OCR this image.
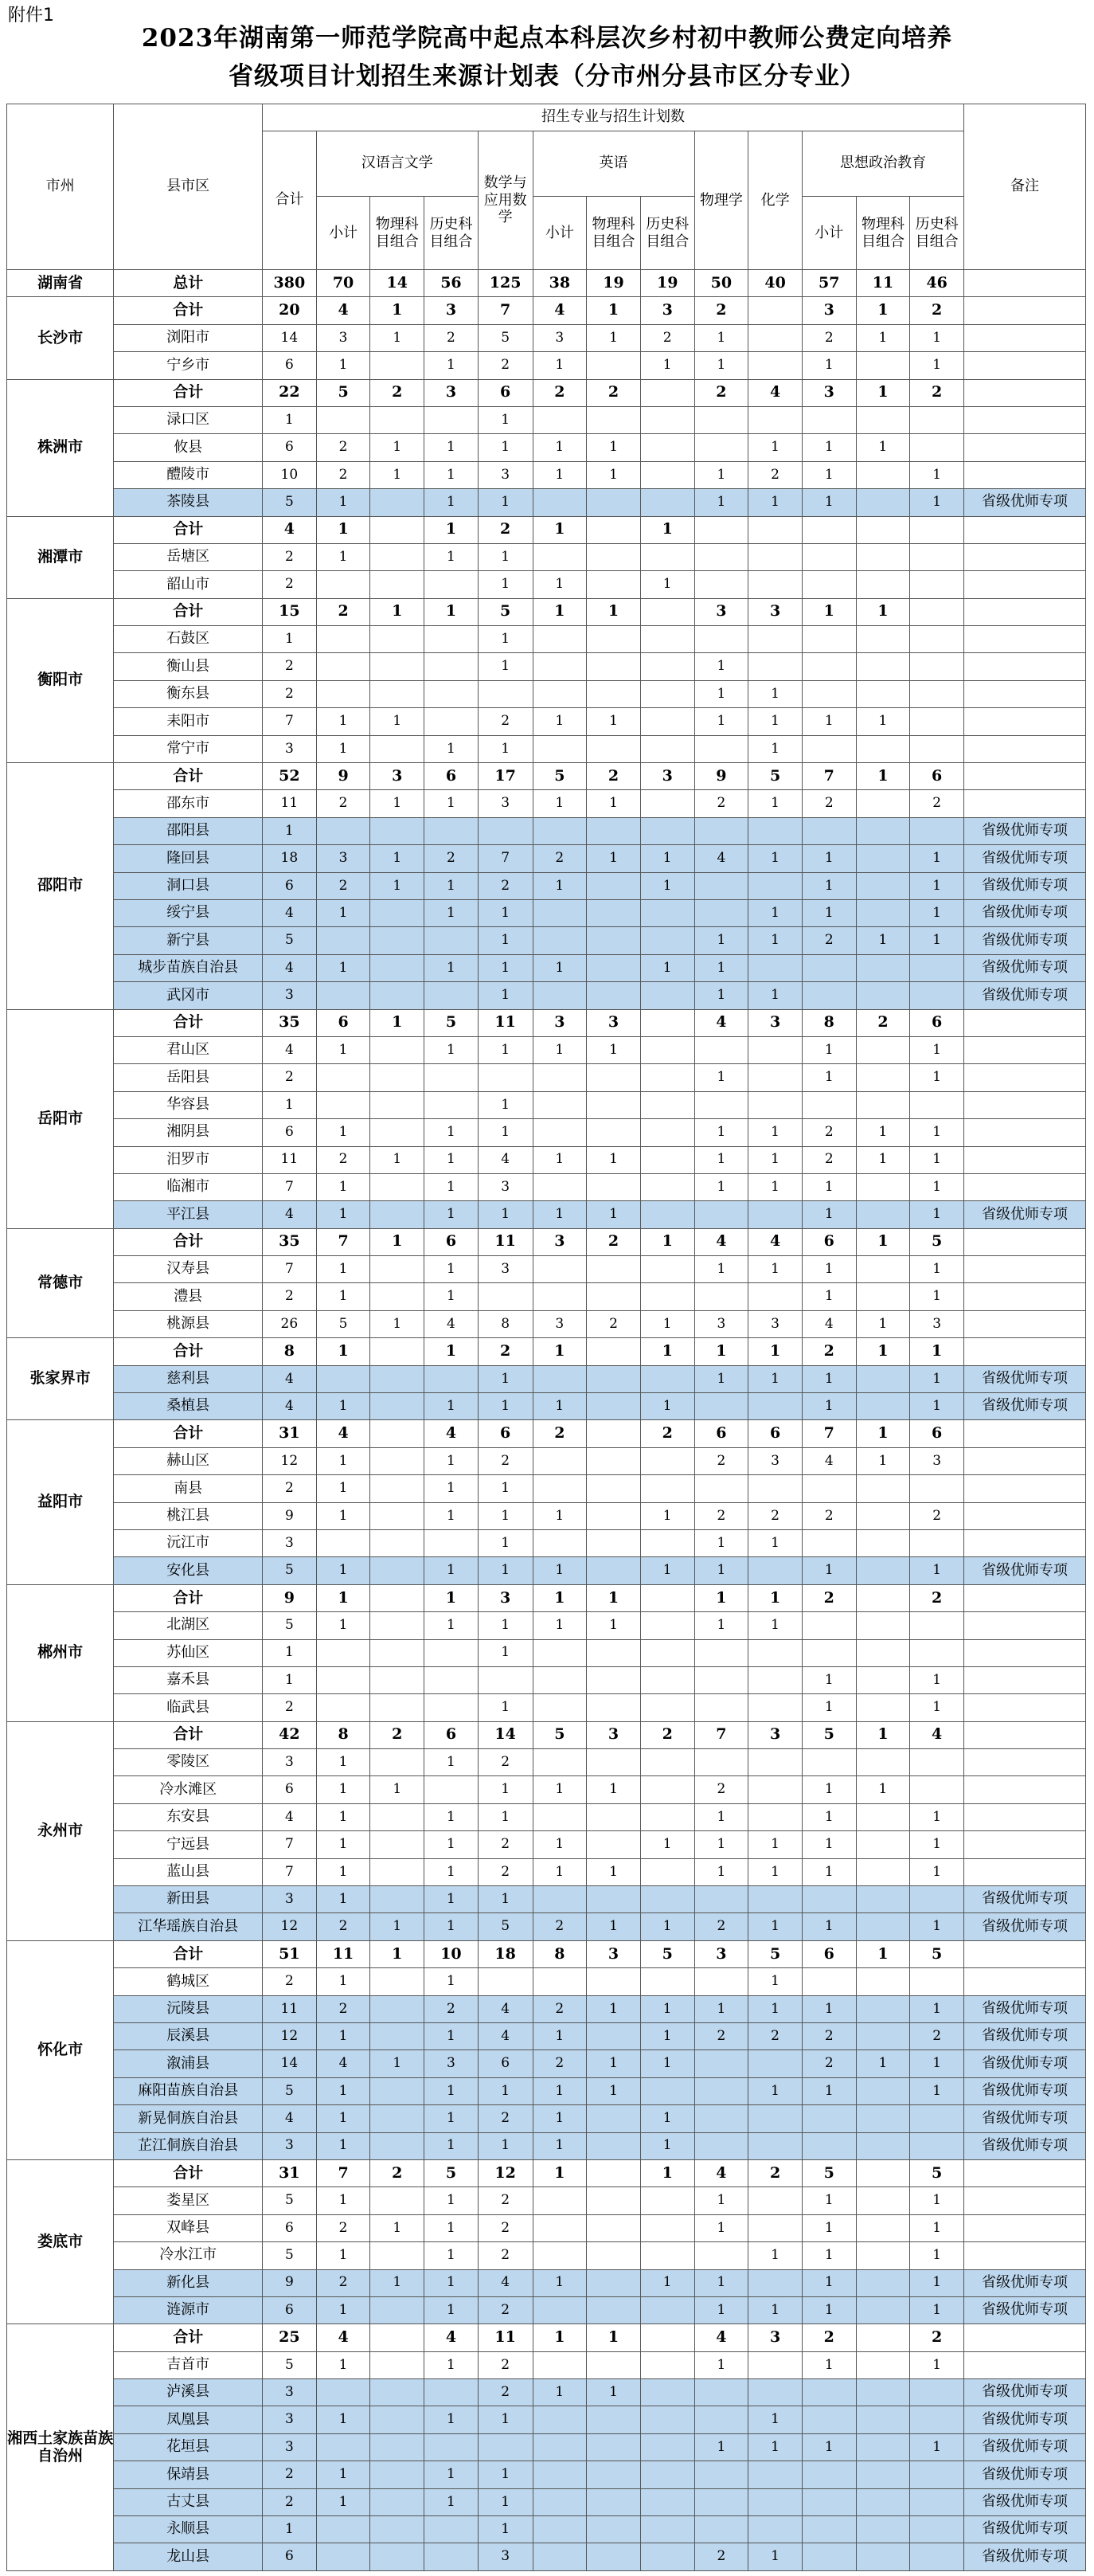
附件1
2023年湖南第一师范学院高中起点本科层次乡村初中教师公费定向培养
省级项目计划招生来源计划表（分市州分县市区分专业）
市州	县市区	招生专业与招生计划数													备注
		合计	汉语言文学			数学与应用数学	英语			物理学	化学	思想政治教育			
			小计	物理科目组合	历史科目组合		小计	物理科目组合	历史科目组合			小计	物理科目组合	历史科目组合	
湖南省	总计	380	70	14	56	125	38	19	19	50	40	57	11	46	
长沙市	合计	20	4	1	3	7	4	1	3	2		3	1	2	
	浏阳市	14	3	1	2	5	3	1	2	1		2	1	1	
	宁乡市	6	1		1	2	1		1	1		1		1	
株洲市	合计	22	5	2	3	6	2	2		2	4	3	1	2	
	渌口区	1				1									
	攸县	6	2	1	1	1	1	1			1	1	1		
	醴陵市	10	2	1	1	3	1	1		1	2	1		1	
	茶陵县	5	1		1	1				1	1	1		1	省级优师专项
湘潭市	合计	4	1		1	2	1		1						
	岳塘区	2	1		1	1									
	韶山市	2				1	1		1						
衡阳市	合计	15	2	1	1	5	1	1		3	3	1	1		
	石鼓区	1				1									
	衡山县	2				1				1					
	衡东县	2								1	1				
	耒阳市	7	1	1		2	1	1		1	1	1	1		
	常宁市	3	1		1	1					1				
邵阳市	合计	52	9	3	6	17	5	2	3	9	5	7	1	6	
	邵东市	11	2	1	1	3	1	1		2	1	2		2	
	邵阳县	1													省级优师专项
	隆回县	18	3	1	2	7	2	1	1	4	1	1		1	省级优师专项
	洞口县	6	2	1	1	2	1		1			1		1	省级优师专项
	绥宁县	4	1		1	1					1	1		1	省级优师专项
	新宁县	5				1				1	1	2	1	1	省级优师专项
	城步苗族自治县	4	1		1	1	1		1	1					省级优师专项
	武冈市	3				1				1	1				省级优师专项
岳阳市	合计	35	6	1	5	11	3	3		4	3	8	2	6	
	君山区	4	1		1	1	1	1				1		1	
	岳阳县	2								1		1		1	
	华容县	1				1									
	湘阴县	6	1		1	1				1	1	2	1	1	
	汨罗市	11	2	1	1	4	1	1		1	1	2	1	1	
	临湘市	7	1		1	3				1	1	1		1	
	平江县	4	1		1	1	1	1				1		1	省级优师专项
常德市	合计	35	7	1	6	11	3	2	1	4	4	6	1	5	
	汉寿县	7	1		1	3				1	1	1		1	
	澧县	2	1		1							1		1	
	桃源县	26	5	1	4	8	3	2	1	3	3	4	1	3	
张家界市	合计	8	1		1	2	1		1	1	1	2	1	1	
	慈利县	4				1				1	1	1		1	省级优师专项
	桑植县	4	1		1	1	1		1			1		1	省级优师专项
益阳市	合计	31	4		4	6	2		2	6	6	7	1	6	
	赫山区	12	1		1	2				2	3	4	1	3	
	南县	2	1		1	1									
	桃江县	9	1		1	1	1		1	2	2	2		2	
	沅江市	3				1				1	1				
	安化县	5	1		1	1	1		1	1		1		1	省级优师专项
郴州市	合计	9	1		1	3	1	1		1	1	2		2	
	北湖区	5	1		1	1	1	1		1	1				
	苏仙区	1				1									
	嘉禾县	1										1		1	
	临武县	2				1						1		1	
永州市	合计	42	8	2	6	14	5	3	2	7	3	5	1	4	
	零陵区	3	1		1	2									
	冷水滩区	6	1	1		1	1	1		2		1	1		
	东安县	4	1		1	1				1		1		1	
	宁远县	7	1		1	2	1		1	1	1	1		1	
	蓝山县	7	1		1	2	1	1		1	1	1		1	
	新田县	3	1		1	1									省级优师专项
	江华瑶族自治县	12	2	1	1	5	2	1	1	2	1	1		1	省级优师专项
怀化市	合计	51	11	1	10	18	8	3	5	3	5	6	1	5	
	鹤城区	2	1		1						1				
	沅陵县	11	2		2	4	2	1	1	1	1	1		1	省级优师专项
	辰溪县	12	1		1	4	1		1	2	2	2		2	省级优师专项
	溆浦县	14	4	1	3	6	2	1	1			2	1	1	省级优师专项
	麻阳苗族自治县	5	1		1	1	1	1			1	1		1	省级优师专项
	新晃侗族自治县	4	1		1	2	1		1						省级优师专项
	芷江侗族自治县	3	1		1	1	1		1						省级优师专项
娄底市	合计	31	7	2	5	12	1		1	4	2	5		5	
	娄星区	5	1		1	2				1		1		1	
	双峰县	6	2	1	1	2				1		1		1	
	冷水江市	5	1		1	2					1	1		1	
	新化县	9	2	1	1	4	1		1	1		1		1	省级优师专项
	涟源市	6	1		1	2				1	1	1		1	省级优师专项
湘西土家族苗族自治州	合计	25	4		4	11	1	1		4	3	2		2	
	吉首市	5	1		1	2				1		1		1	
	泸溪县	3				2	1	1							省级优师专项
	凤凰县	3	1		1	1					1				省级优师专项
	花垣县	3								1	1	1		1	省级优师专项
	保靖县	2	1		1	1									省级优师专项
	古丈县	2	1		1	1									省级优师专项
	永顺县	1				1									省级优师专项
	龙山县	6				3				2	1				省级优师专项
